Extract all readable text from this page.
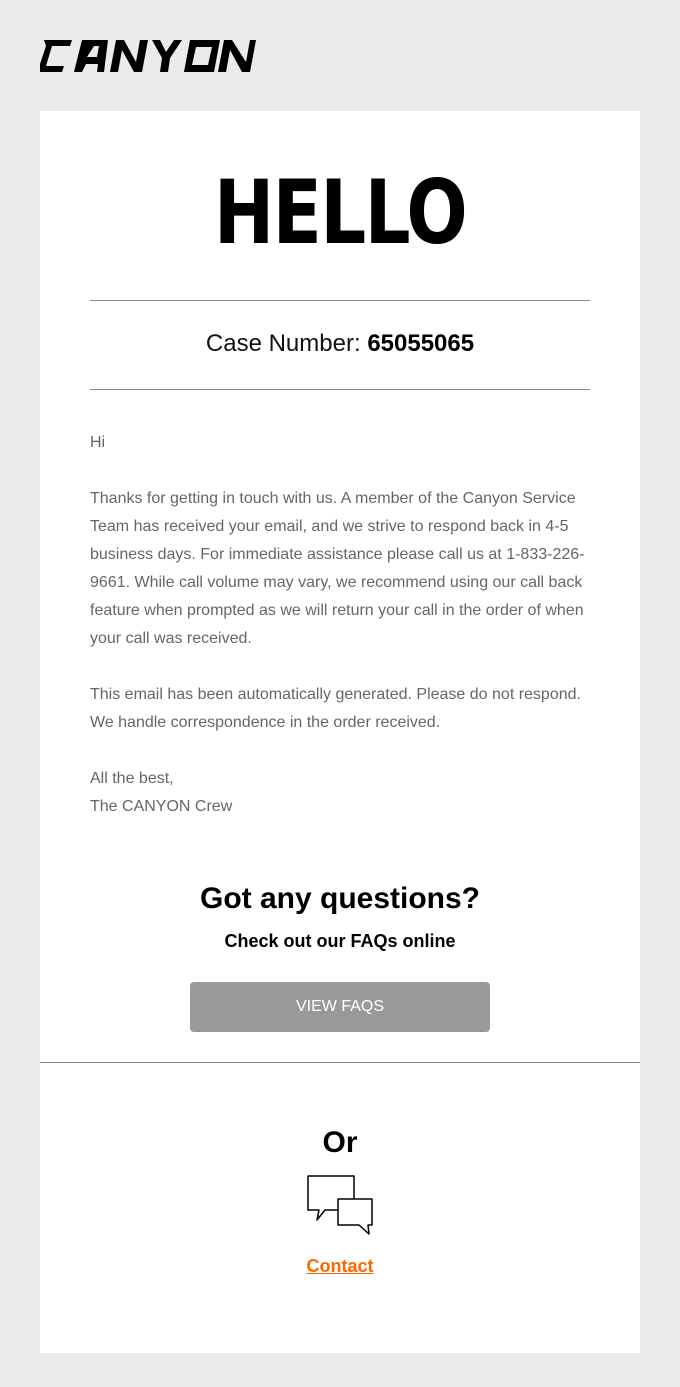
HELLO
Case Number: 65055065

Hi

Thanks for getting in touch with us. A member of the Canyon Service Team has received your email, and we strive to respond back in 4-5 business days. For immediate assistance please call us at 1-833-226-9661. While call volume may vary, we recommend using our call back feature when prompted as we will return your call in the order of when your call was received.

This email has been automatically generated. Please do not respond. We handle correspondence in the order received.

All the best,
The CANYON Crew

Got any questions?
Check out our FAQs online
VIEW FAQS
Or
Contact
